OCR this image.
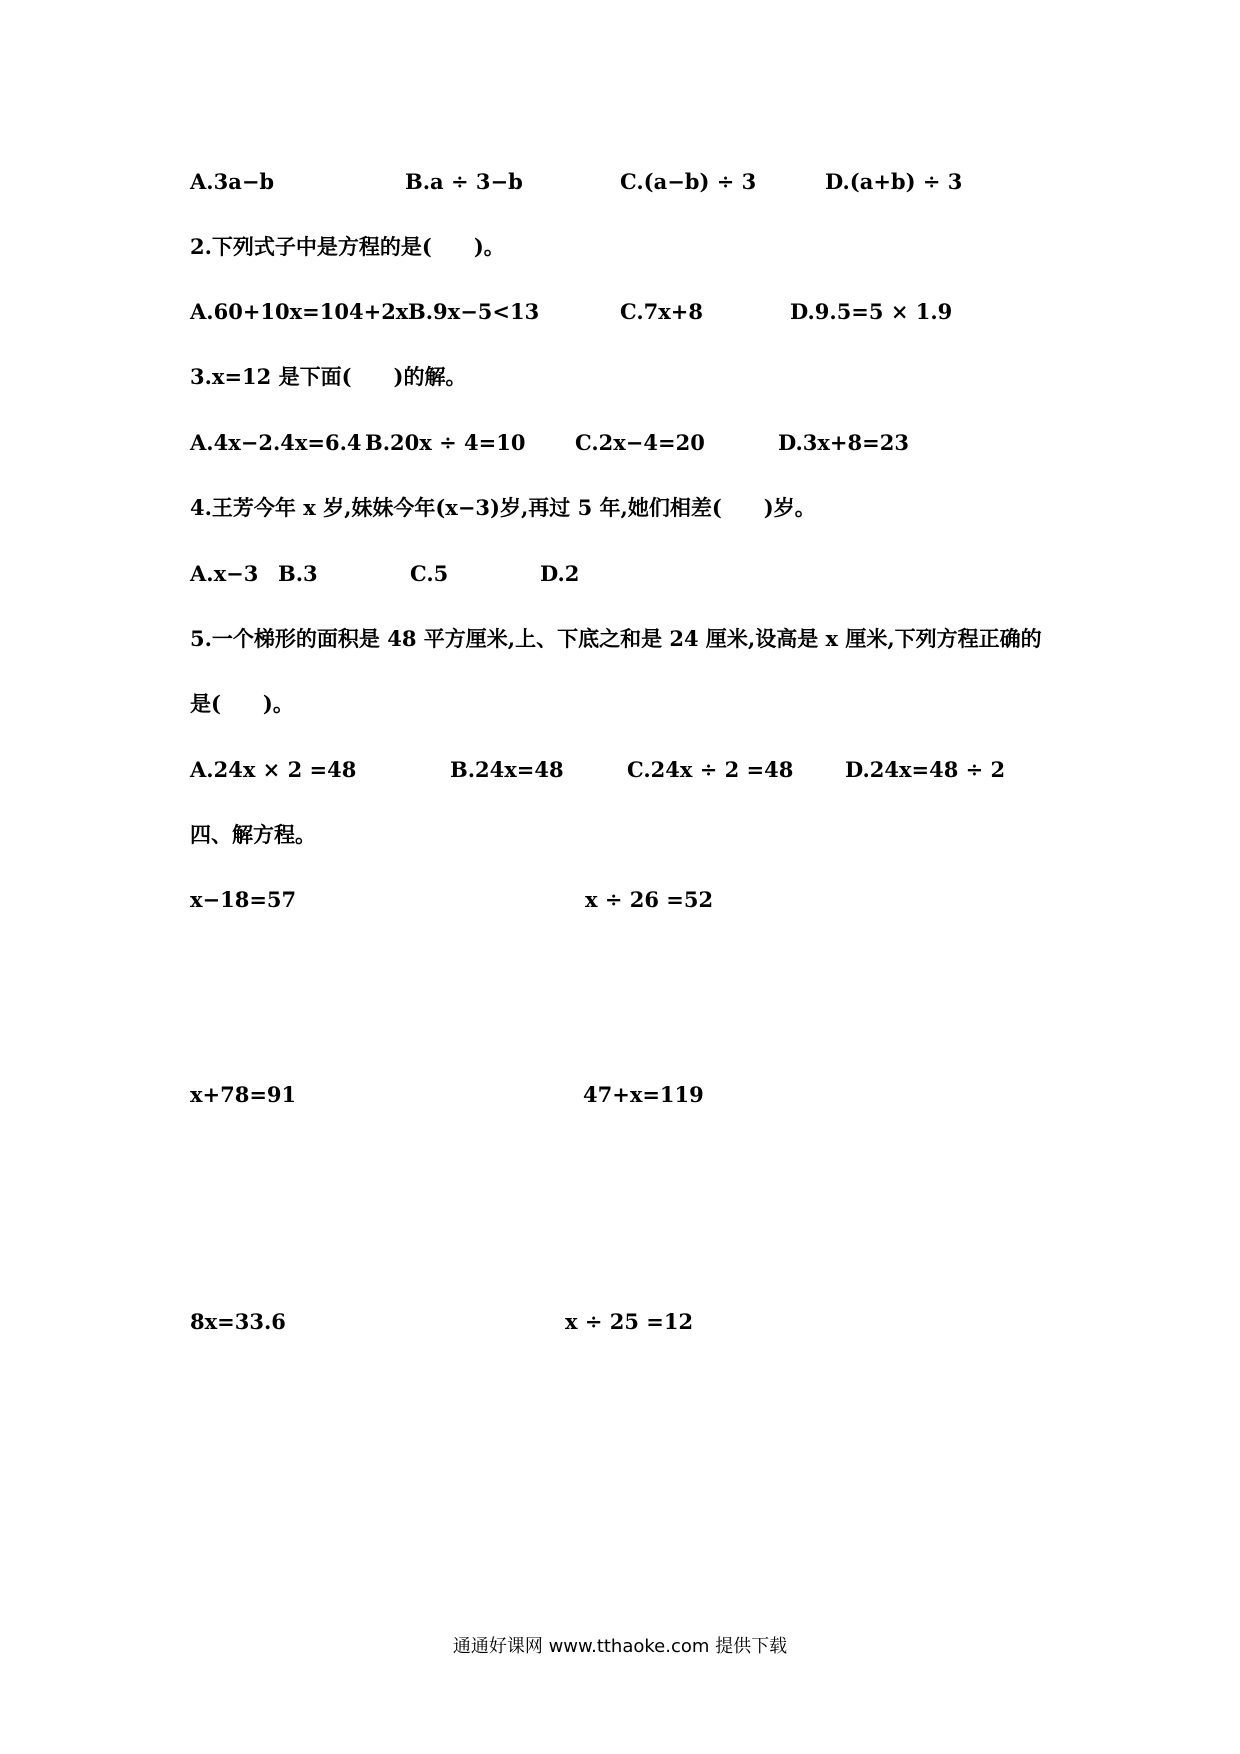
A.3a−b	B.a ÷ 3−b	C.(a−b) ÷ 3	D.(a+b) ÷ 3
2.下列式子中是方程的是(　　)。
A.60+10x=104+2x B.9x−5<13	C.7x+8	D.9.5=5 × 1.9
3.x=12 是下面(　　)的解。
A.4x−2.4x=6.4 B.20x ÷ 4=10 C.2x−4=20	D.3x+8=23
4.王芳今年 x 岁,妹妹今年(x−3)岁,再过 5 年,她们相差(　　)岁。
A.x−3 B.3	C.5	D.2
5.一个梯形的面积是 48 平方厘米,上、下底之和是 24 厘米,设高是 x 厘米,下列方程正确的
是(　　)。
A.24x × 2 =48	B.24x=48	C.24x ÷ 2 =48 D.24x=48 ÷ 2
四、解方程。
x−18=57	x ÷ 26 =52
x+78=91	47+x=119
8x=33.6	x ÷ 25 =12
通通好课网 www.tthaoke.com 提供下载
